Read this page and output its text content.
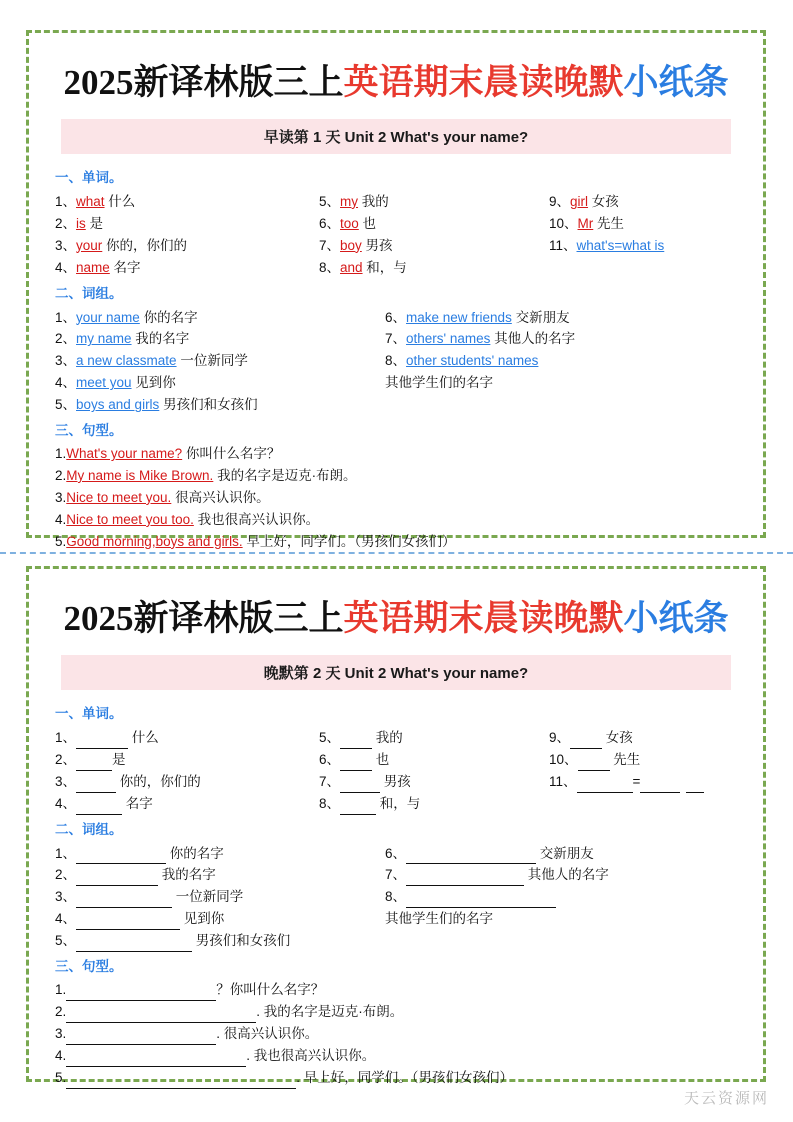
2025新译林版三上英语期末晨读晚默小纸条
早读第 1 天 Unit 2 What's your name?
一、单词。
1、what 什么
2、is 是
3、your 你的，你们的
4、name 名字
5、my 我的
6、too 也
7、boy 男孩
8、and 和，与
9、girl 女孩
10、Mr 先生
11、what's=what is
二、词组。
1、your name 你的名字
2、my name 我的名字
3、a new classmate 一位新同学
4、meet you 见到你
5、boys and girls 男孩们和女孩们
6、make new friends 交新朋友
7、others' names 其他人的名字
8、other students' names
其他学生们的名字
三、句型。
1.What's your name? 你叫什么名字？
2.My name is Mike Brown. 我的名字是迈克·布朗。
3.Nice to meet you. 很高兴认识你。
4.Nice to meet you too. 我也很高兴认识你。
5.Good morning,boys and girls. 早上好，同学们。（男孩们女孩们）
2025新译林版三上英语期末晨读晚默小纸条
晚默第 2 天 Unit 2 What's your name?
一、单词。
1、	什么
2、	是
3、	你的，你们的
4、	名字
5、 我的
6、 也
7、	男孩
8、	和，与
9、 女孩
10、 先生
11、	=
二、词组。
1、	你的名字
2、	我的名字
3、	一位新同学
4、	见到你
5、	男孩们和女孩们
6、	交新朋友
7、	其他人的名字
8、
其他学生们的名字
三、句型。
1.	？你叫什么名字？
2.	. 我的名字是迈克·布朗。
3.	. 很高兴认识你。
4.	. 我也很高兴认识你。
5.	. 早上好，同学们。（男孩们女孩们）
天云资源网
